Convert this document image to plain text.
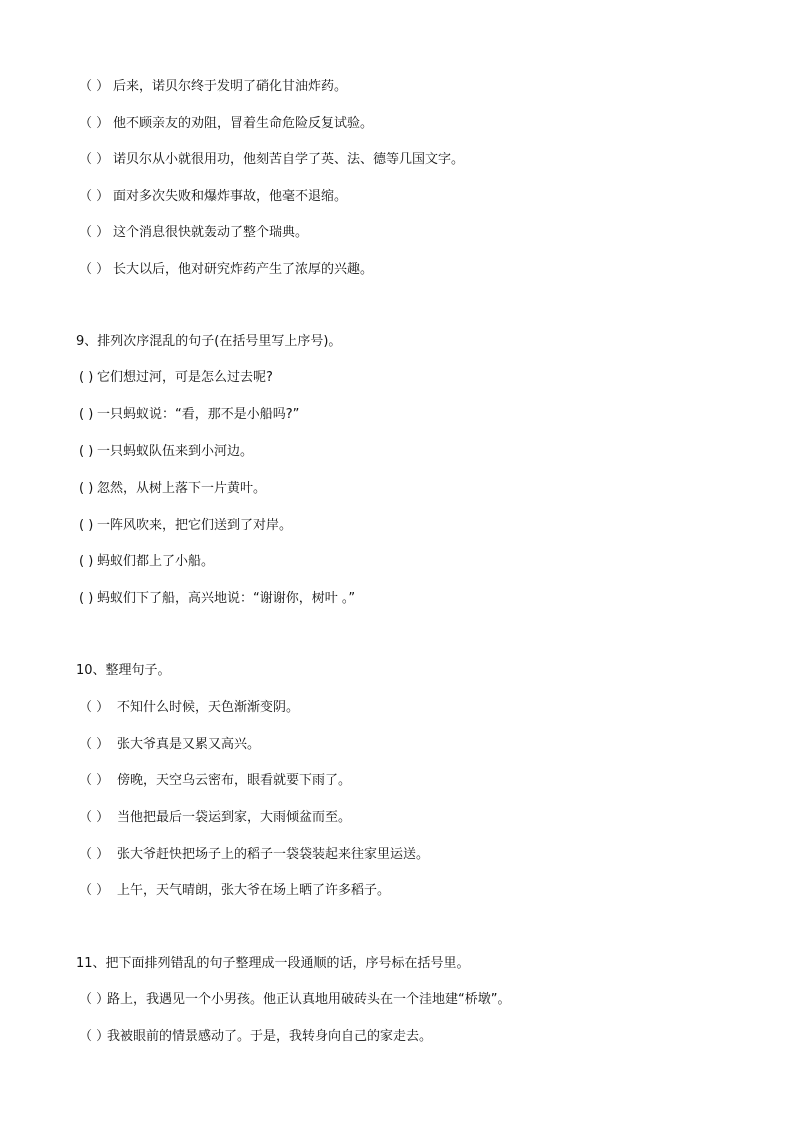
（ ） 后来，诺贝尔终于发明了硝化甘油炸药。
（ ） 他不顾亲友的劝阻，冒着生命危险反复试验。
（ ） 诺贝尔从小就很用功，他刻苦自学了英、法、德等几国文字。
（ ） 面对多次失败和爆炸事故，他毫不退缩。
（ ） 这个消息很快就轰动了整个瑞典。
（ ） 长大以后，他对研究炸药产生了浓厚的兴趣。
9、排列次序混乱的句子(在括号里写上序号)。
( ) 它们想过河，可是怎么过去呢?
( ) 一只蚂蚁说：“看，那不是小船吗?”
( ) 一只蚂蚁队伍来到小河边。
( ) 忽然，从树上落下一片黄叶。
( ) 一阵风吹来，把它们送到了对岸。
( ) 蚂蚁们都上了小船。
( ) 蚂蚁们下了船，高兴地说：“谢谢你，树叶 。”
10、整理句子。
（ ） 不知什么时候，天色渐渐变阴。
（ ） 张大爷真是又累又高兴。
（ ） 傍晚，天空乌云密布，眼看就要下雨了。
（ ） 当他把最后一袋运到家，大雨倾盆而至。
（ ） 张大爷赶快把场子上的稻子一袋袋装起来往家里运送。
（ ） 上午，天气晴朗，张大爷在场上晒了许多稻子。
11、把下面排列错乱的句子整理成一段通顺的话，序号标在括号里。
（ ）路上，我遇见一个小男孩。他正认真地用破砖头在一个洼地建“桥墩”。
（ ）我被眼前的情景感动了。于是，我转身向自己的家走去。
